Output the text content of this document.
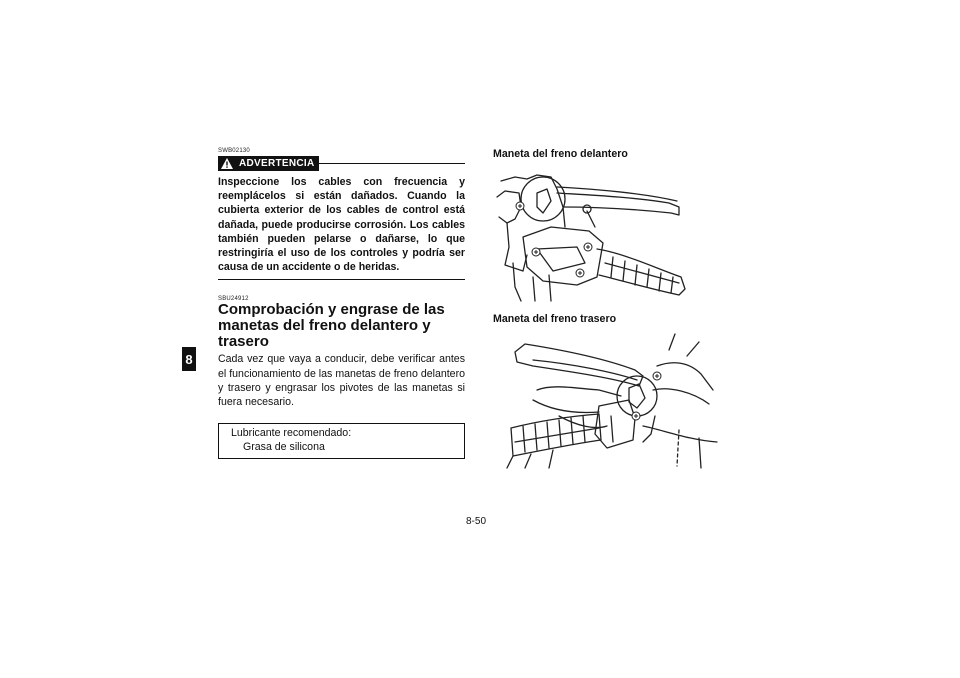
8
SWB02130
ADVERTENCIA
Inspeccione los cables con frecuencia y reemplácelos si están dañados. Cuando la cubierta exterior de los cables de control está dañada, puede producirse corrosión. Los cables también pueden pelarse o dañarse, lo que restringiría el uso de los controles y podría ser causa de un accidente o de heridas.
SBU24912
Comprobación y engrase de las manetas del freno delantero y trasero
Cada vez que vaya a conducir, debe verificar antes el funcionamiento de las manetas de freno delantero y trasero y engrasar los pivotes de las manetas si fuera necesario.
Lubricante recomendado:
Grasa de silicona
Maneta del freno delantero
Maneta del freno trasero
8-50
